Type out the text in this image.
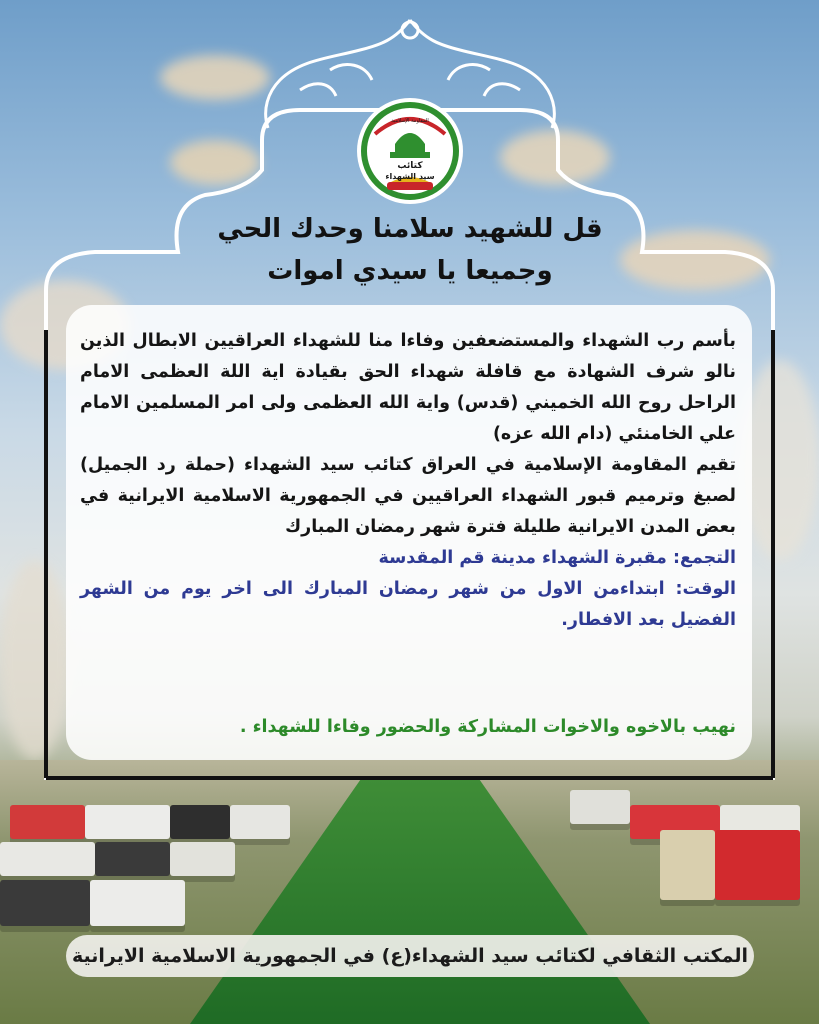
كتائب
سيد الشهداء
المقاومة الإسلامية
قل للشهيد سلامنا وحدك الحي
وجميعا يا سيدي اموات

بأسم رب الشهداء والمستضعفين وفاءا منا للشهداء العراقيين الابطال الذين نالو شرف الشهادة مع قافلة شهداء الحق بقيادة اية اللة العظمى الامام الراحل روح الله الخميني (قدس) واية الله العظمى ولى امر المسلمين الامام علي الخامنئي (دام الله عزه)

تقيم المقاومة الإسلامية في العراق كتائب سيد الشهداء (حملة رد الجميل) لصبغ وترميم قبور الشهداء العراقيين في الجمهورية الاسلامية الايرانية في بعض المدن الايرانية طليلة فترة شهر رمضان المبارك

التجمع: مقبرة الشهداء مدينة قم المقدسة

الوقت: ابتداءمن الاول من شهر رمضان المبارك الى اخر يوم من الشهر الفضيل بعد الافطار.

نهيب بالاخوه والاخوات المشاركة والحضور وفاءا للشهداء .
المكتب الثقافي لكتائب سيد الشهداء(ع) في الجمهورية الاسلامية الايرانية
